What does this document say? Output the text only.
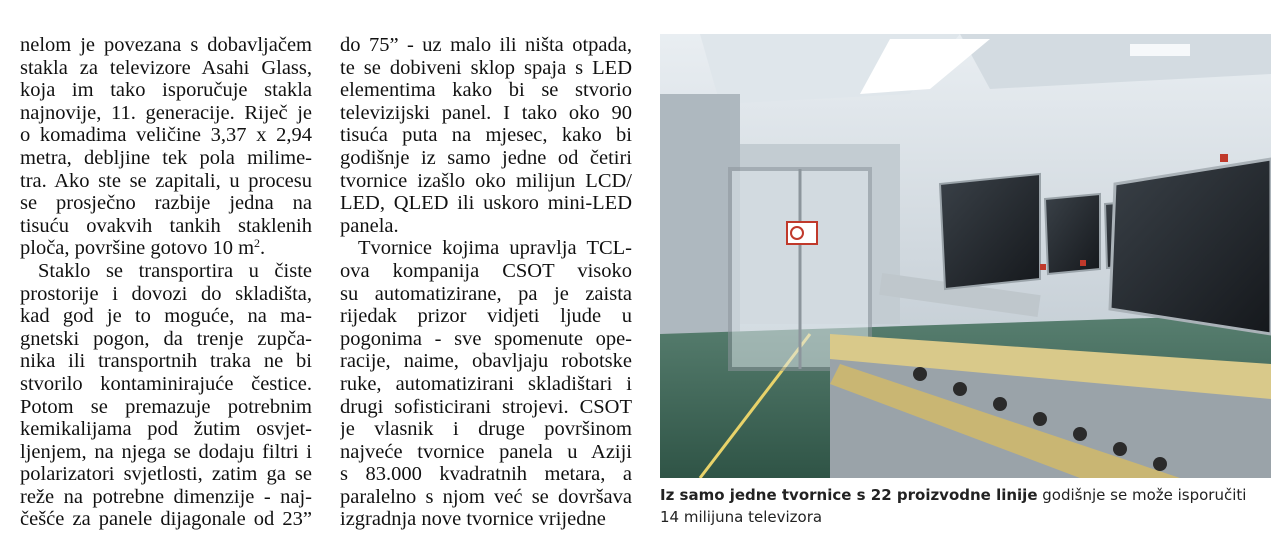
nelom je povezana s dobavljačem
stakla za televizore Asahi Glass,
koja im tako isporučuje stakla
najnovije, 11. generacije. Riječ je
o komadima veličine 3,37 x 2,94
metra, debljine tek pola milime-
tra. Ako ste se zapitali, u procesu
se prosječno razbije jedna na
tisuću ovakvih tankih staklenih
ploča, površine gotovo 10 $m^2$.
Staklo se transportira u čiste
prostorije i dovozi do skladišta,
kad god je to moguće, na ma-
gnetski pogon, da trenje zupča-
nika ili transportnih traka ne bi
stvorilo kontaminirajuće čestice.
Potom se premazuje potrebnim
kemikalijama pod žutim osvjet-
ljenjem, na njega se dodaju filtri i
polarizatori svjetlosti, zatim ga se
reže na potrebne dimenzije - naj-
češće za panele dijagonale od 23”
do 75” - uz malo ili ništa otpada,
te se dobiveni sklop spaja s LED
elementima kako bi se stvorio
televizijski panel. I tako oko 90
tisuća puta na mjesec, kako bi
godišnje iz samo jedne od četiri
tvornice izašlo oko milijun LCD/
LED, QLED ili uskoro mini-LED
panela.
Tvornice kojima upravlja TCL-
ova kompanija CSOT visoko
su automatizirane, pa je zaista
rijedak prizor vidjeti ljude u
pogonima - sve spomenute ope-
racije, naime, obavljaju robotske
ruke, automatizirani skladištari i
drugi sofisticirani strojevi. CSOT
je vlasnik i druge površinom
najveće tvornice panela u Aziji
s 83.000 kvadratnih metara, a
paralelno s njom već se dovršava
izgradnja nove tvornice vrijedne
Iz samo jedne tvornice s 22 proizvodne linije godišnje se može isporučiti
14 milijuna televizora
